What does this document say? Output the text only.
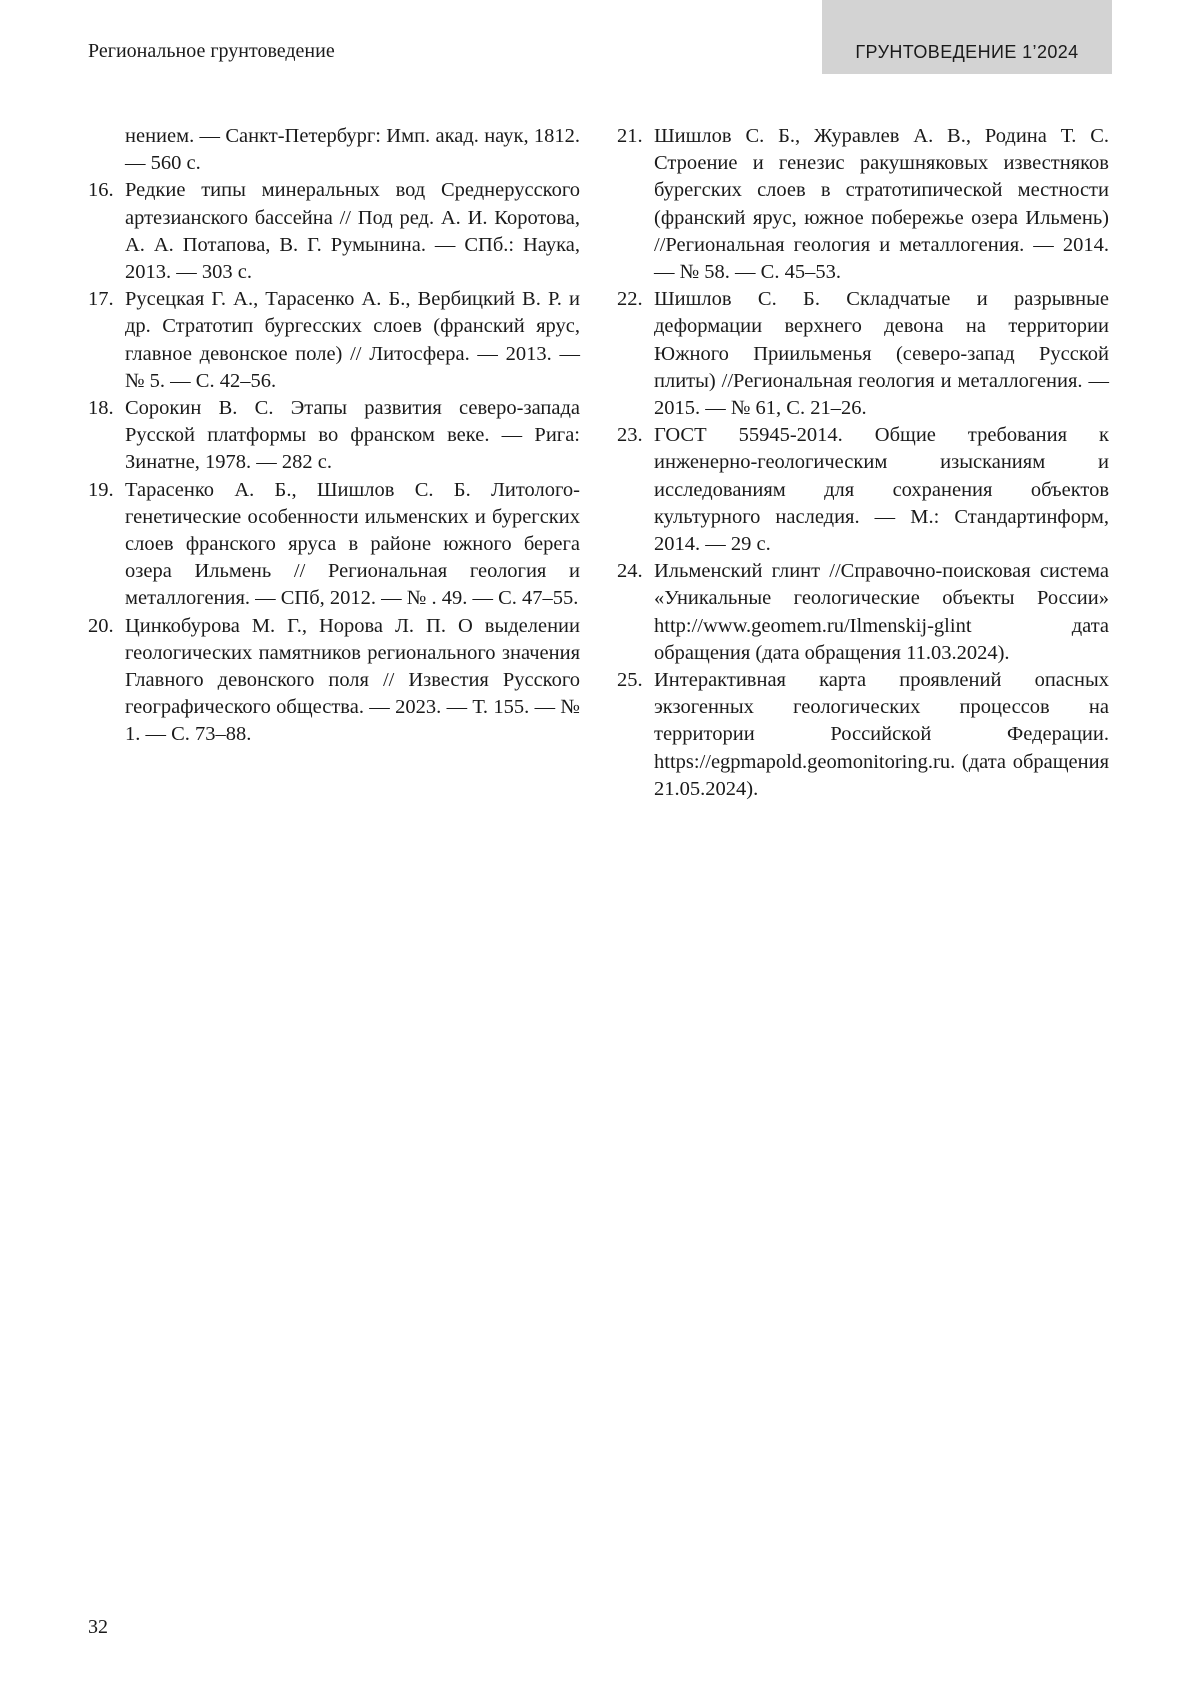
Региональное грунтоведение	ГРУНТОВЕДЕНИЕ 1’2024
нением. — Санкт-Петербург: Имп. акад. наук, 1812. — 560 с.
16. Редкие типы минеральных вод Среднерусского артезианского бассейна // Под ред. А. И. Коротова, А. А. Потапова, В. Г. Румынина. — СПб.: Наука, 2013. — 303 с.
17. Русецкая Г. А., Тарасенко А. Б., Вербицкий В. Р. и др. Стратотип бургесских слоев (франский ярус, главное девонское поле) // Литосфера. — 2013. — № 5. — С. 42–56.
18. Сорокин В. С. Этапы развития северо-запада Русской платформы во франском веке. — Рига: Зинатне, 1978. — 282 с.
19. Тарасенко А. Б., Шишлов С. Б. Литолого-генетические особенности ильменских и бурегских слоев франского яруса в районе южного берега озера Ильмень // Региональная геология и металлогения. — СПб, 2012. — № . 49. — С. 47–55.
20. Цинкобурова М. Г., Норова Л. П. О выделении геологических памятников регионального значения Главного девонского поля // Известия Русского географического общества. — 2023. — Т. 155. — № 1. — С. 73–88.
21. Шишлов С. Б., Журавлев А. В., Родина Т. С. Строение и генезис ракушняковых известняков бурегских слоев в стратотипической местности (франский ярус, южное побережье озера Ильмень) //Региональная геология и металлогения. — 2014. — № 58. — С. 45–53.
22. Шишлов С. Б. Складчатые и разрывные деформации верхнего девона на территории Южного Приильменья (северо-запад Русской плиты) //Региональная геология и металлогения. — 2015. — № 61, С. 21–26.
23. ГОСТ 55945-2014. Общие требования к инженерно-геологическим изысканиям и исследованиям для сохранения объектов культурного наследия. — М.: Стандартинформ, 2014. — 29 с.
24. Ильменский глинт //Справочно-поисковая система «Уникальные геологические объекты России» http://www.geomem.ru/Ilmenskij-glint дата обращения (дата обращения 11.03.2024).
25. Интерактивная карта проявлений опасных экзогенных геологических процессов на территории Российской Федерации. https://egpmapold.geomonitoring.ru. (дата обращения 21.05.2024).
32
